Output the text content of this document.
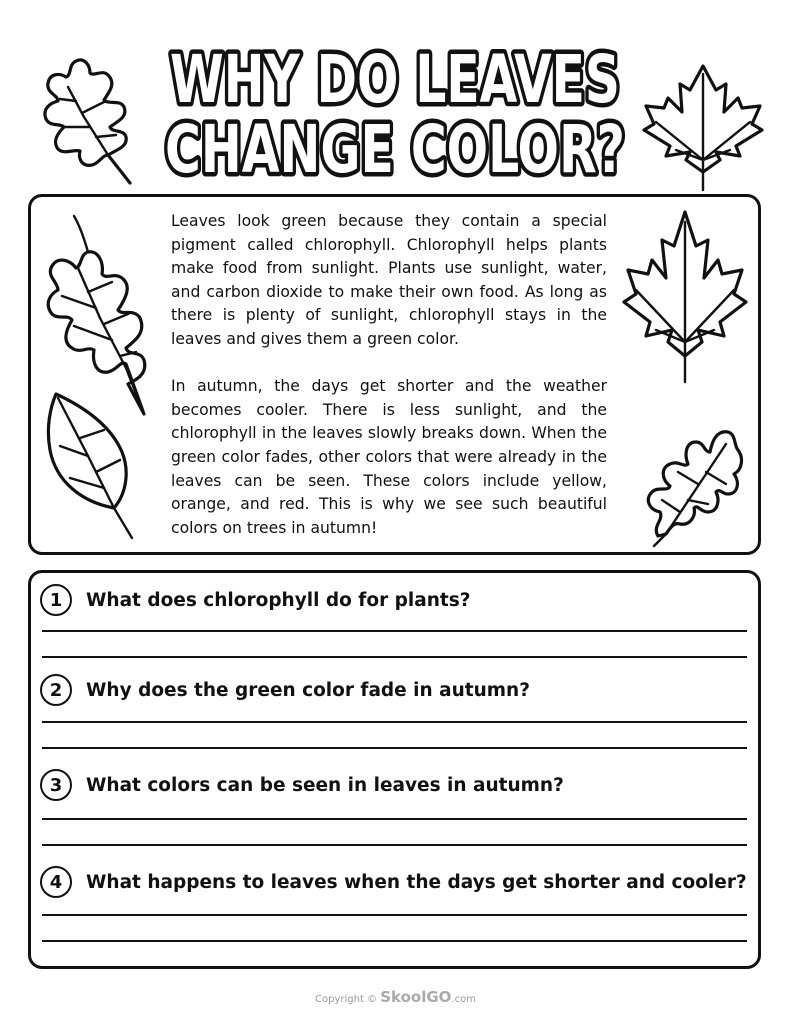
WHY DO LEAVES
CHANGE COLOR?

Leaves look green because they contain a special pigment called chlorophyll. Chlorophyll helps plants make food from sunlight. Plants use sunlight, water, and carbon dioxide to make their own food. As long as there is plenty of sunlight, chlorophyll stays in the leaves and gives them a green color.

In autumn, the days get shorter and the weather becomes cooler. There is less sunlight, and the chlorophyll in the leaves slowly breaks down. When the green color fades, other colors that were already in the leaves can be seen. These colors include yellow, orange, and red. This is why we see such beautiful colors on trees in autumn!

1	What does chlorophyll do for plants?
2	Why does the green color fade in autumn?
3	What colors can be seen in leaves in autumn?
4	What happens to leaves when the days get shorter and cooler?
Copyright © SkoolGO.com
